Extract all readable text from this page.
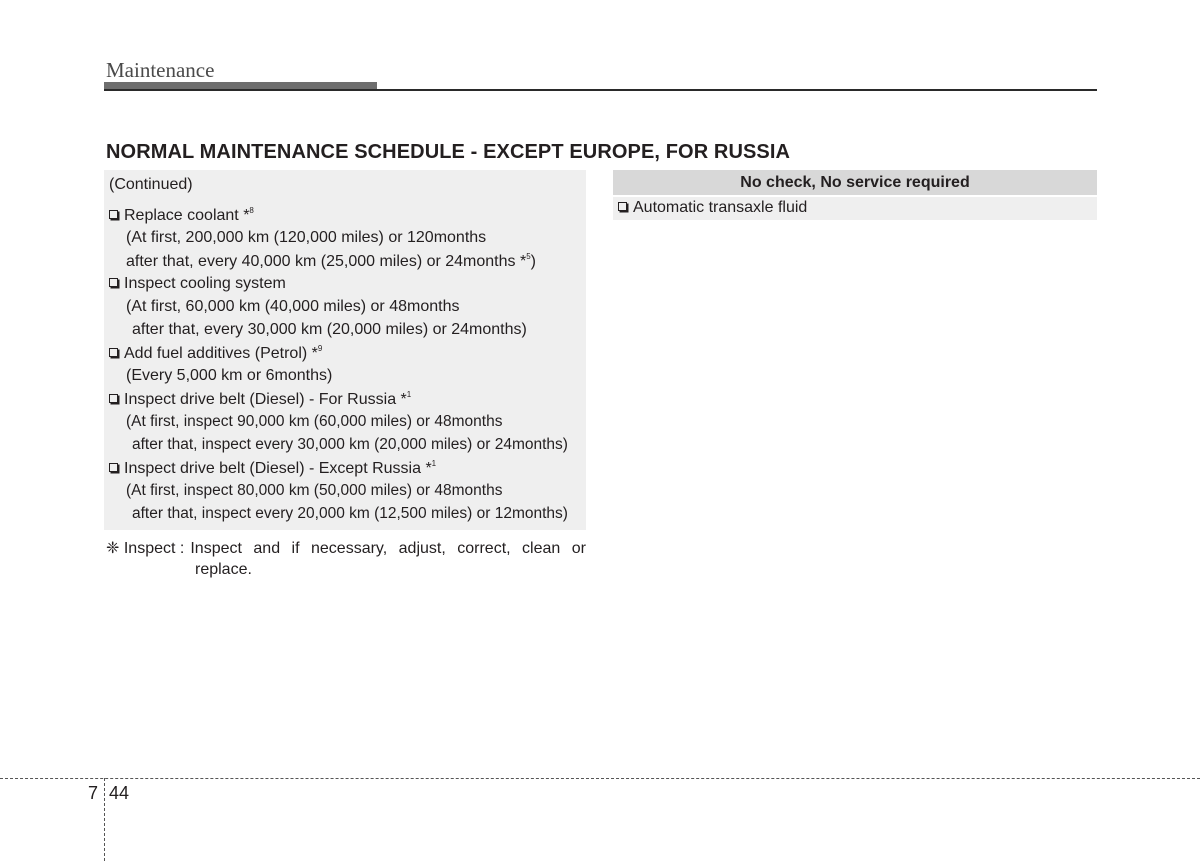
Maintenance
NORMAL MAINTENANCE SCHEDULE - EXCEPT EUROPE, FOR RUSSIA
(Continued)
Replace coolant *$^8$
(At first, 200,000 km (120,000 miles) or 120months
after that, every 40,000 km (25,000 miles) or 24months *$^5$)
Inspect cooling system
(At first, 60,000 km (40,000 miles) or 48months
after that, every 30,000 km (20,000 miles) or 24months)
Add fuel additives (Petrol) *$^9$
(Every 5,000 km or 6months)
Inspect drive belt (Diesel) - For Russia *$^1$
(At first, inspect 90,000 km (60,000 miles) or 48months
after that, inspect every 30,000 km (20,000 miles) or 24months)
Inspect drive belt (Diesel) - Except Russia *$^1$
(At first, inspect 80,000 km (50,000 miles) or 48months
after that, inspect every 20,000 km (12,500 miles) or 12months)
❈ Inspect : Inspect and if necessary, adjust, correct, clean or
replace.
No check, No service required
Automatic transaxle fluid
7 44
